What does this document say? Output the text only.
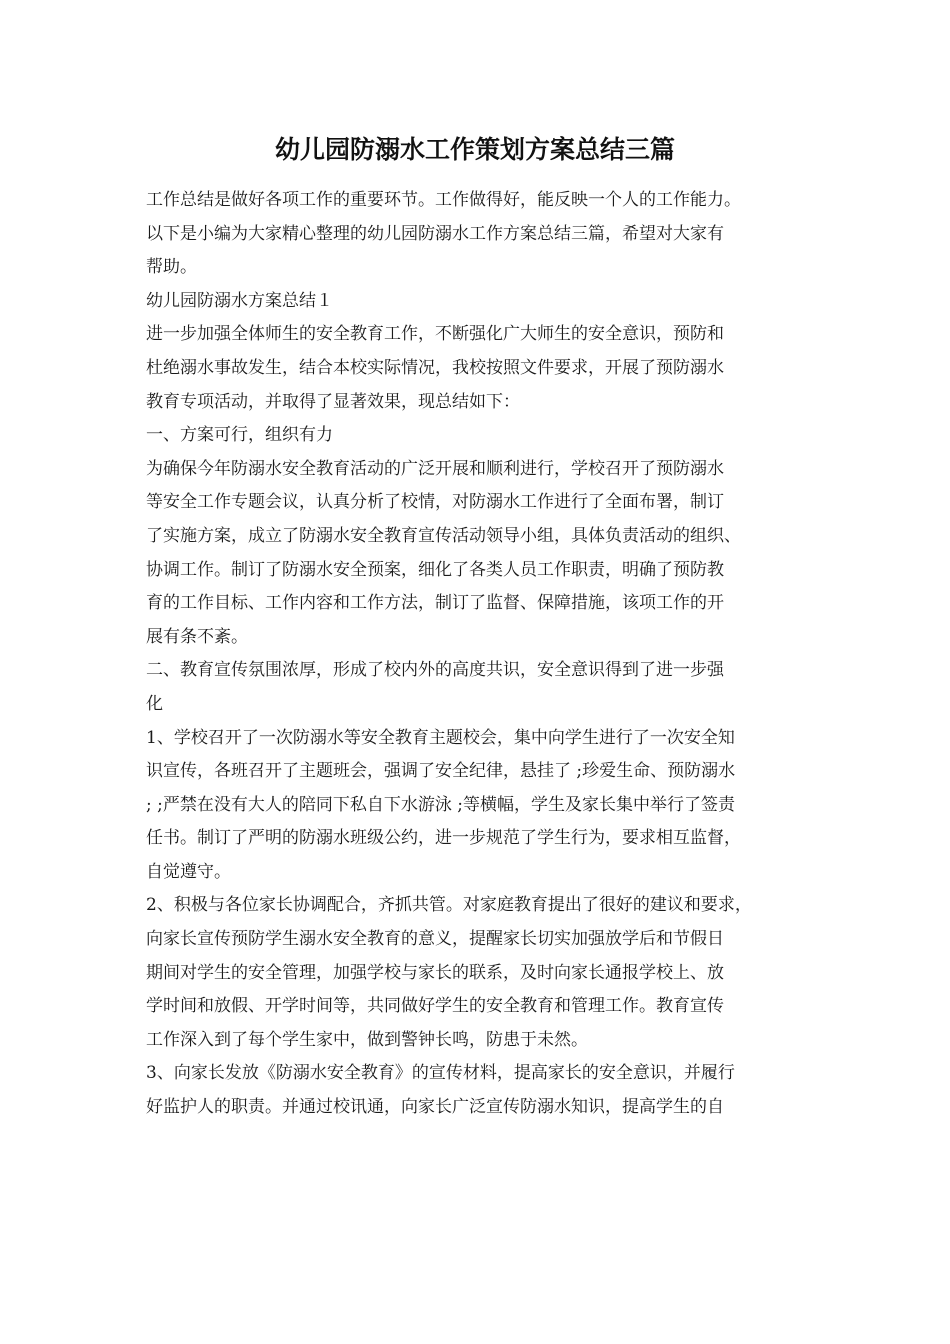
幼儿园防溺水工作策划方案总结三篇
工作总结是做好各项工作的重要环节。工作做得好，能反映一个人的工作能力。
以下是小编为大家精心整理的幼儿园防溺水工作方案总结三篇，希望对大家有
帮助。
幼儿园防溺水方案总结１
进一步加强全体师生的安全教育工作，不断强化广大师生的安全意识，预防和
杜绝溺水事故发生，结合本校实际情况，我校按照文件要求，开展了预防溺水
教育专项活动，并取得了显著效果，现总结如下：
一、方案可行，组织有力
为确保今年防溺水安全教育活动的广泛开展和顺利进行，学校召开了预防溺水
等安全工作专题会议，认真分析了校情，对防溺水工作进行了全面布署，制订
了实施方案，成立了防溺水安全教育宣传活动领导小组，具体负责活动的组织、
协调工作。制订了防溺水安全预案，细化了各类人员工作职责，明确了预防教
育的工作目标、工作内容和工作方法，制订了监督、保障措施，该项工作的开
展有条不紊。
二、教育宣传氛围浓厚，形成了校内外的高度共识，安全意识得到了进一步强
化
1、学校召开了一次防溺水等安全教育主题校会，集中向学生进行了一次安全知
识宣传，各班召开了主题班会，强调了安全纪律，悬挂了 ;珍爱生命、预防溺水
; ;严禁在没有大人的陪同下私自下水游泳 ;等横幅，学生及家长集中举行了签责
任书。制订了严明的防溺水班级公约，进一步规范了学生行为，要求相互监督，
自觉遵守。
2、积极与各位家长协调配合，齐抓共管。对家庭教育提出了很好的建议和要求，
向家长宣传预防学生溺水安全教育的意义，提醒家长切实加强放学后和节假日
期间对学生的安全管理，加强学校与家长的联系，及时向家长通报学校上、放
学时间和放假、开学时间等，共同做好学生的安全教育和管理工作。教育宣传
工作深入到了每个学生家中，做到警钟长鸣，防患于未然。
3、向家长发放《防溺水安全教育》的宣传材料，提高家长的安全意识，并履行
好监护人的职责。并通过校讯通，向家长广泛宣传防溺水知识，提高学生的自
